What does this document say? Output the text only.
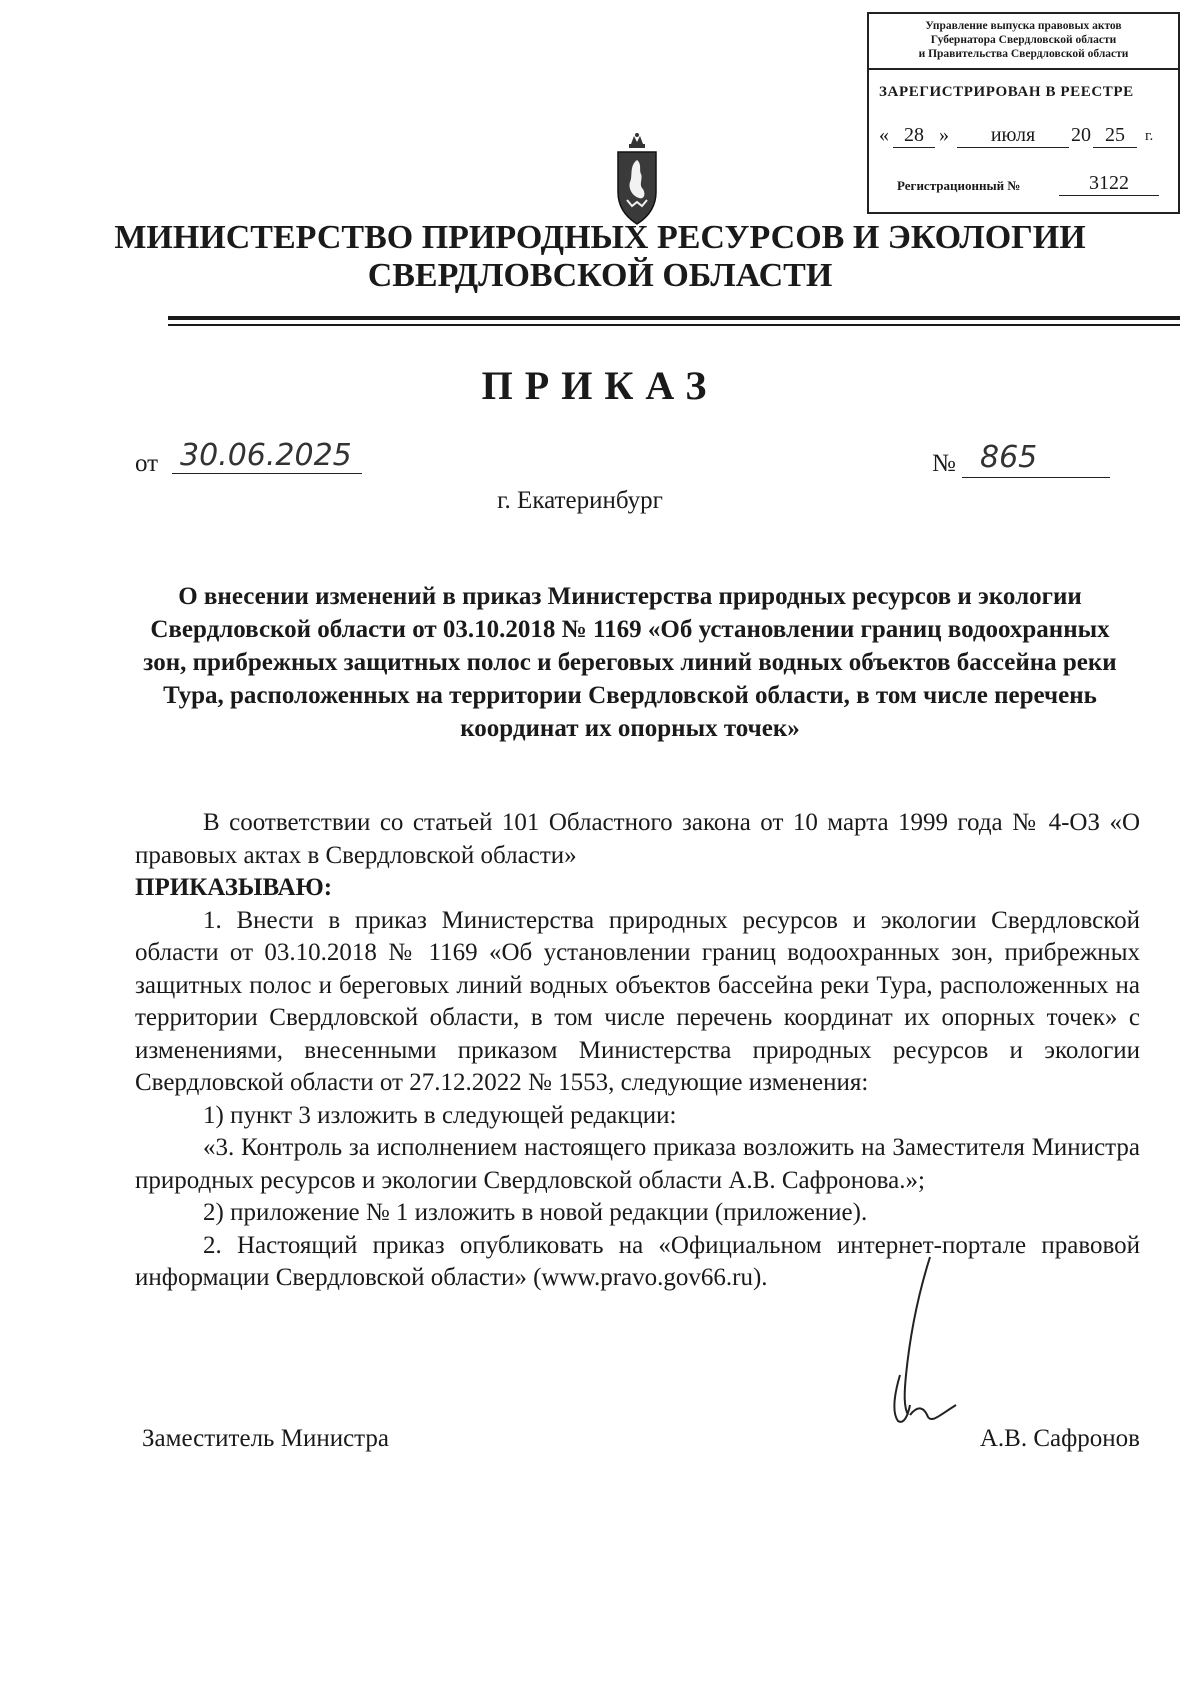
Управление выпуска правовых актов
Губернатора Свердловской области
и Правительства Свердловской области
ЗАРЕГИСТРИРОВАН В РЕЕСТРЕ
« 28 »	июля	20 25	г.
Регистрационный №	3122
МИНИСТЕРСТВО ПРИРОДНЫХ РЕСУРСОВ И ЭКОЛОГИИ
СВЕРДЛОВСКОЙ ОБЛАСТИ
ПРИКАЗ
от 30.06.2025	№ 865
г. Екатеринбург
О внесении изменений в приказ Министерства природных ресурсов и экологии Свердловской области от 03.10.2018 № 1169 «Об установлении границ водоохранных зон, прибрежных защитных полос и береговых линий водных объектов бассейна реки Тура, расположенных на территории Свердловской области, в том числе перечень координат их опорных точек»

В соответствии со статьей 101 Областного закона от 10 марта 1999 года № 4-ОЗ «О правовых актах в Свердловской области»

ПРИКАЗЫВАЮ:

1. Внести в приказ Министерства природных ресурсов и экологии Свердловской области от 03.10.2018 № 1169 «Об установлении границ водоохранных зон, прибрежных защитных полос и береговых линий водных объектов бассейна реки Тура, расположенных на территории Свердловской области, в том числе перечень координат их опорных точек» с изменениями, внесенными приказом Министерства природных ресурсов и экологии Свердловской области от 27.12.2022 № 1553, следующие изменения:

1) пункт 3 изложить в следующей редакции:

«3. Контроль за исполнением настоящего приказа возложить на Заместителя Министра природных ресурсов и экологии Свердловской области А.В. Сафронова.»;

2) приложение № 1 изложить в новой редакции (приложение).

2. Настоящий приказ опубликовать на «Официальном интернет-портале правовой информации Свердловской области» (www.pravo.gov66.ru).

Заместитель Министра	А.В. Сафронов
